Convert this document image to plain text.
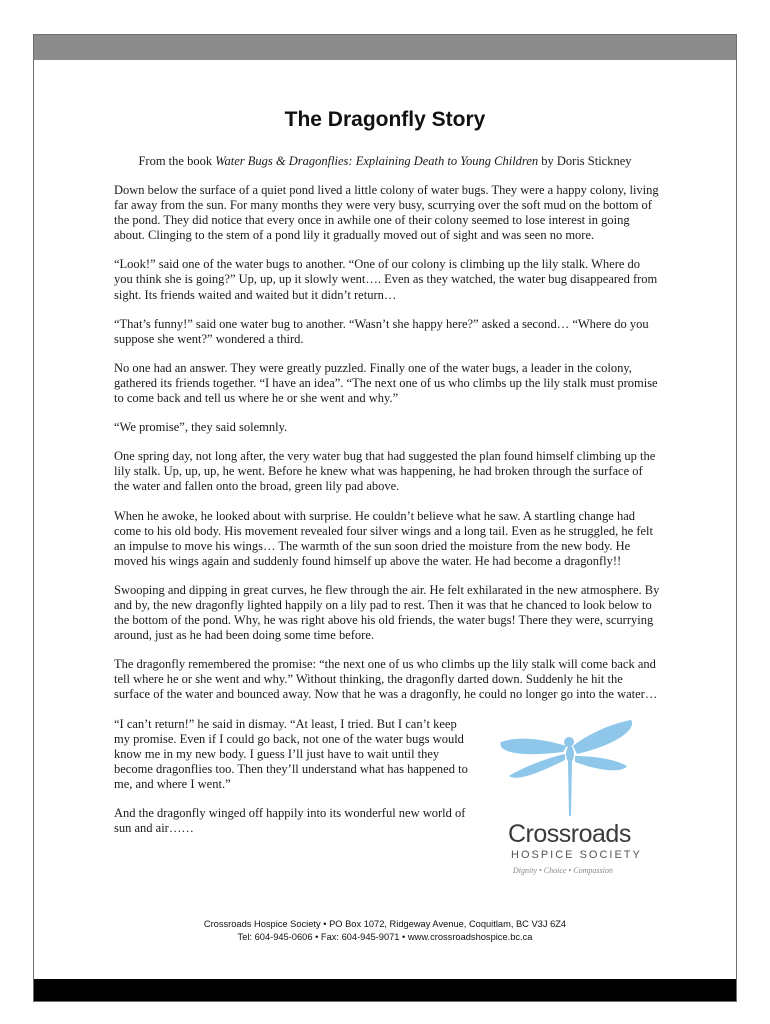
The Dragonfly Story
From the book Water Bugs & Dragonflies: Explaining Death to Young Children by Doris Stickney

Down below the surface of a quiet pond lived a little colony of water bugs. They were a happy colony, living far away from the sun. For many months they were very busy, scurrying over the soft mud on the bottom of the pond. They did notice that every once in awhile one of their colony seemed to lose interest in going about. Clinging to the stem of a pond lily it gradually moved out of sight and was seen no more.

“Look!” said one of the water bugs to another. “One of our colony is climbing up the lily stalk. Where do you think she is going?” Up, up, up it slowly went…. Even as they watched, the water bug disappeared from sight. Its friends waited and waited but it didn’t return…

“That’s funny!” said one water bug to another. “Wasn’t she happy here?” asked a second… “Where do you suppose she went?” wondered a third.

No one had an answer. They were greatly puzzled. Finally one of the water bugs, a leader in the colony, gathered its friends together. “I have an idea”. “The next one of us who climbs up the lily stalk must promise to come back and tell us where he or she went and why.”

“We promise”, they said solemnly.

One spring day, not long after, the very water bug that had suggested the plan found himself climbing up the lily stalk. Up, up, up, he went. Before he knew what was happening, he had broken through the surface of the water and fallen onto the broad, green lily pad above.

When he awoke, he looked about with surprise. He couldn’t believe what he saw. A startling change had come to his old body. His movement revealed four silver wings and a long tail. Even as he struggled, he felt an impulse to move his wings… The warmth of the sun soon dried the moisture from the new body. He moved his wings again and suddenly found himself up above the water. He had become a dragonfly!!

Swooping and dipping in great curves, he flew through the air. He felt exhilarated in the new atmosphere. By and by, the new dragonfly lighted happily on a lily pad to rest. Then it was that he chanced to look below to the bottom of the pond. Why, he was right above his old friends, the water bugs! There they were, scurrying around, just as he had been doing some time before.

The dragonfly remembered the promise: “the next one of us who climbs up the lily stalk will come back and tell where he or she went and why.” Without thinking, the dragonfly darted down. Suddenly he hit the surface of the water and bounced away. Now that he was a dragonfly, he could no longer go into the water…

“I can’t return!” he said in dismay. “At least, I tried. But I can’t keep my promise. Even if I could go back, not one of the water bugs would know me in my new body. I guess I’ll just have to wait until they become dragonflies too. Then they’ll understand what has happened to me, and where I went.”

And the dragonfly winged off happily into its wonderful new world of sun and air……	Crossroads
HOSPICE SOCIETY
Dignity • Choice • Compassion
Crossroads Hospice Society • PO Box 1072, Ridgeway Avenue, Coquitlam, BC V3J 6Z4
Tel: 604-945-0606 • Fax: 604-945-9071 • www.crossroadshospice.bc.ca
